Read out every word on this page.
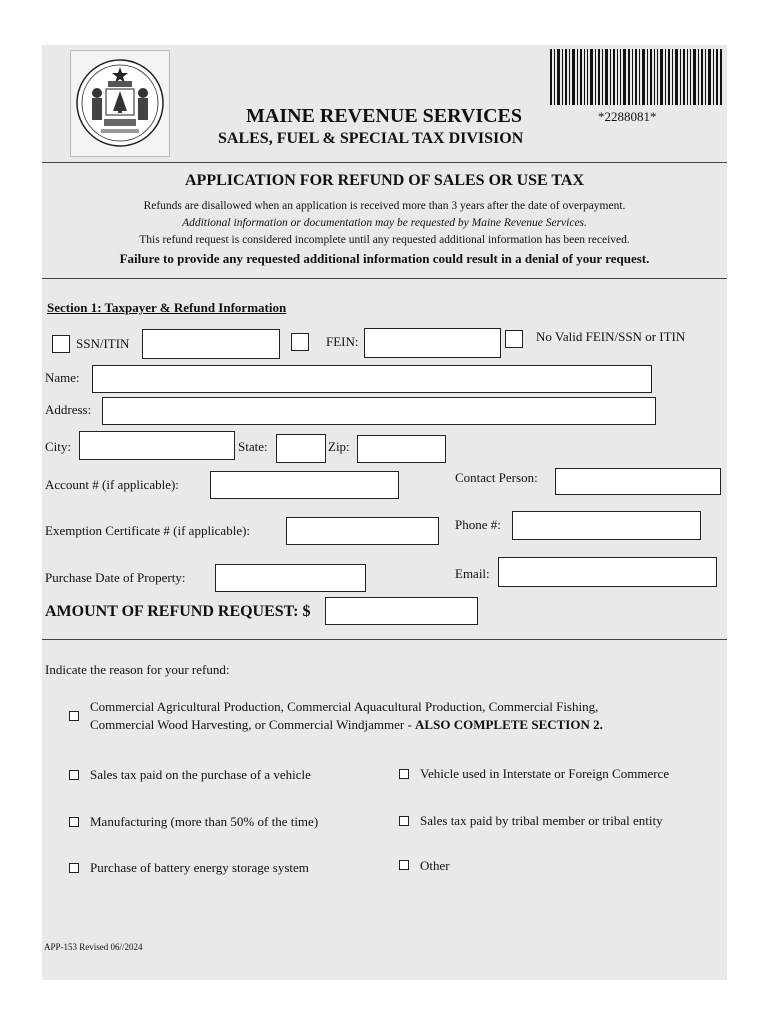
*2288081*
MAINE REVENUE SERVICES
SALES, FUEL & SPECIAL TAX DIVISION
APPLICATION FOR REFUND OF SALES OR USE TAX
Refunds are disallowed when an application is received more than 3 years after the date of overpayment.
Additional information or documentation may be requested by Maine Revenue Services.
This refund request is considered incomplete until any requested additional information has been received.
Failure to provide any requested additional information could result in a denial of your request.
Section 1: Taxpayer & Refund Information
SSN/ITIN	FEIN:	No Valid FEIN/SSN or ITIN
Name:
Address:
City:	State:	Zip:
Account # (if applicable):	Contact Person:
Exemption Certificate # (if applicable):	Phone #:
Purchase Date of Property:	Email:
AMOUNT OF REFUND REQUEST: $
Indicate the reason for your refund:
Commercial Agricultural Production, Commercial Aquacultural Production, Commercial Fishing,
Commercial Wood Harvesting, or Commercial Windjammer - ALSO COMPLETE SECTION 2.
Sales tax paid on the purchase of a vehicle	Vehicle used in Interstate or Foreign Commerce
Manufacturing (more than 50% of the time)	Sales tax paid by tribal member or tribal entity
Purchase of battery energy storage system	Other
APP-153 Revised 06//2024
